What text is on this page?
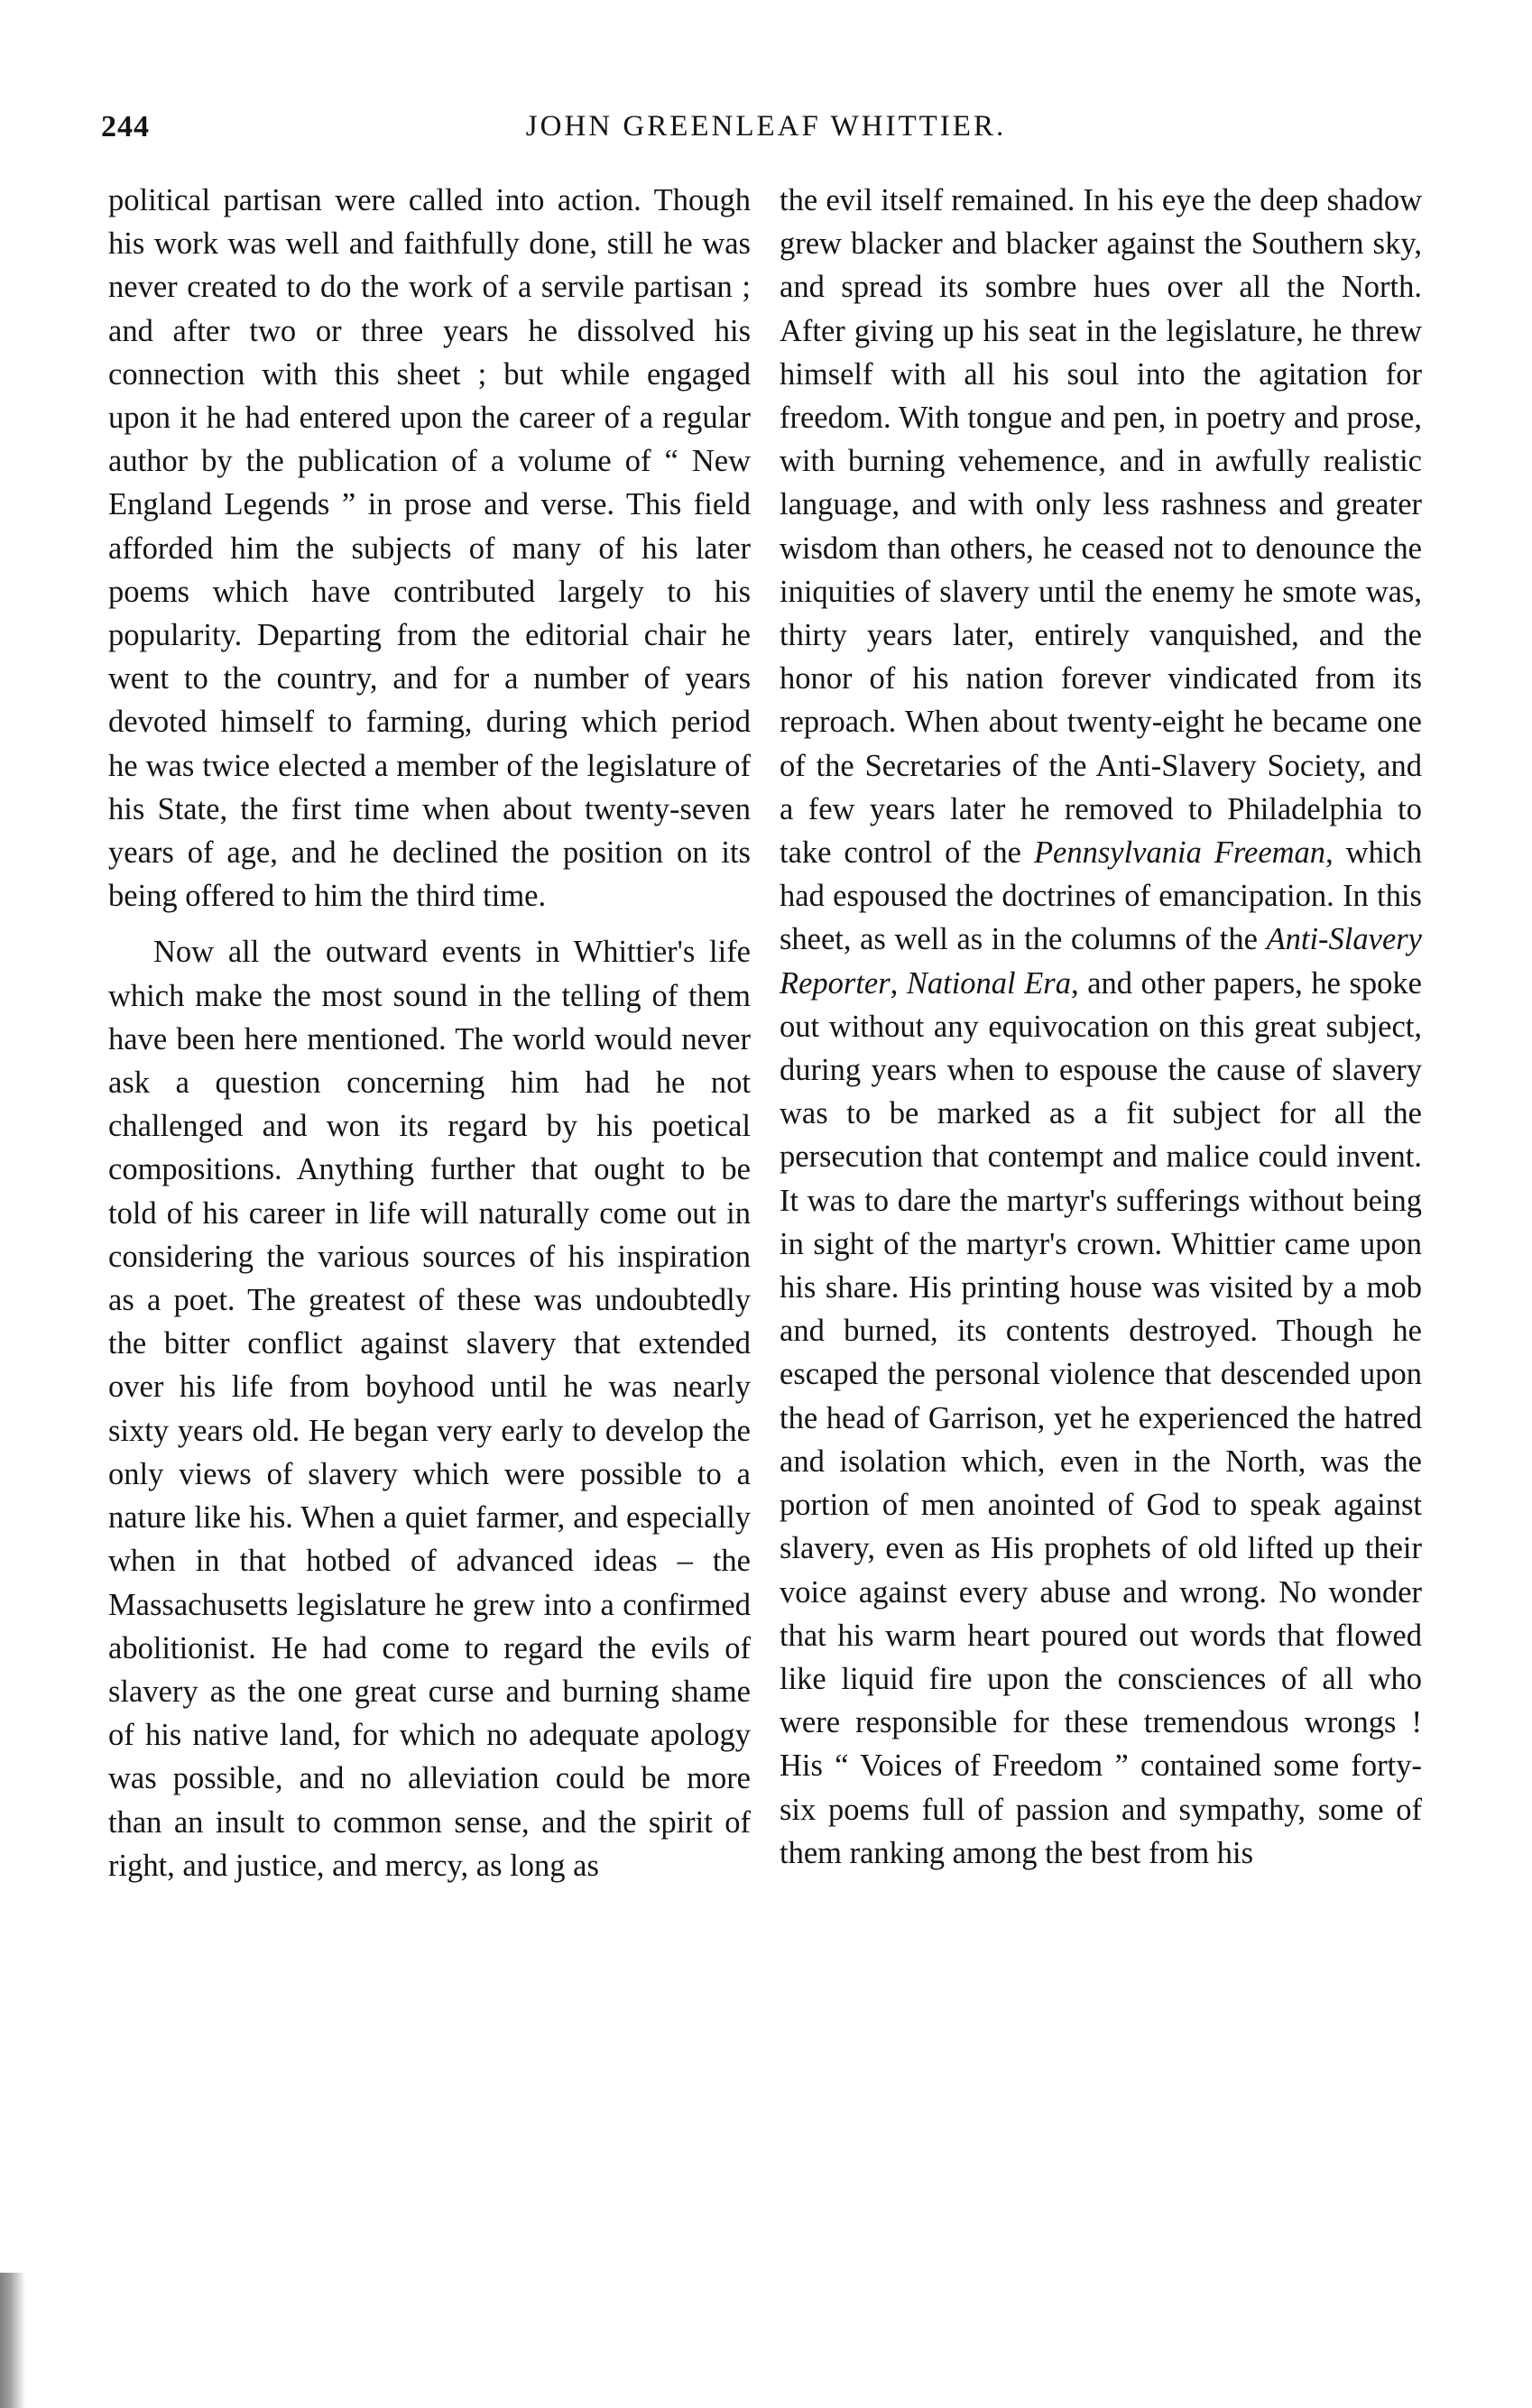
244	JOHN GREENLEAF WHITTIER.

political partisan were called into action. Though his work was well and faithfully done, still he was never created to do the work of a servile partisan ; and after two or three years he dissolved his connection with this sheet ; but while engaged upon it he had entered upon the career of a regular author by the publication of a volume of “ New England Legends ” in prose and verse. This field afforded him the subjects of many of his later poems which have contributed largely to his popularity. Departing from the editorial chair he went to the country, and for a number of years devoted himself to farming, during which period he was twice elected a member of the legislature of his State, the first time when about twenty-seven years of age, and he declined the position on its being offered to him the third time.

Now all the outward events in Whittier's life which make the most sound in the telling of them have been here mentioned. The world would never ask a question concerning him had he not challenged and won its regard by his poetical compositions. Anything further that ought to be told of his career in life will naturally come out in considering the various sources of his inspiration as a poet. The greatest of these was undoubtedly the bitter conflict against slavery that extended over his life from boyhood until he was nearly sixty years old. He began very early to develop the only views of slavery which were possible to a nature like his. When a quiet farmer, and especially when in that hotbed of advanced ideas – the Massachusetts legislature he grew into a confirmed abolitionist. He had come to regard the evils of slavery as the one great curse and burning shame of his native land, for which no adequate apology was possible, and no alleviation could be more than an insult to common sense, and the spirit of right, and justice, and mercy, as long as

the evil itself remained. In his eye the deep shadow grew blacker and blacker against the Southern sky, and spread its sombre hues over all the North. After giving up his seat in the legislature, he threw himself with all his soul into the agitation for freedom. With tongue and pen, in poetry and prose, with burning vehemence, and in awfully realistic language, and with only less rashness and greater wisdom than others, he ceased not to denounce the iniquities of slavery until the enemy he smote was, thirty years later, entirely vanquished, and the honor of his nation forever vindicated from its reproach. When about twenty-eight he became one of the Secretaries of the Anti-Slavery Society, and a few years later he removed to Philadelphia to take control of the Pennsylvania Freeman, which had espoused the doctrines of emancipation. In this sheet, as well as in the columns of the Anti-Slavery Reporter, National Era, and other papers, he spoke out without any equivocation on this great subject, during years when to espouse the cause of slavery was to be marked as a fit subject for all the persecution that contempt and malice could invent. It was to dare the martyr's sufferings without being in sight of the martyr's crown. Whittier came upon his share. His printing house was visited by a mob and burned, its contents destroyed. Though he escaped the personal violence that descended upon the head of Garrison, yet he experienced the hatred and isolation which, even in the North, was the portion of men anointed of God to speak against slavery, even as His prophets of old lifted up their voice against every abuse and wrong. No wonder that his warm heart poured out words that flowed like liquid fire upon the consciences of all who were responsible for these tremendous wrongs ! His “ Voices of Freedom ” contained some forty-six poems full of passion and sympathy, some of them ranking among the best from his
